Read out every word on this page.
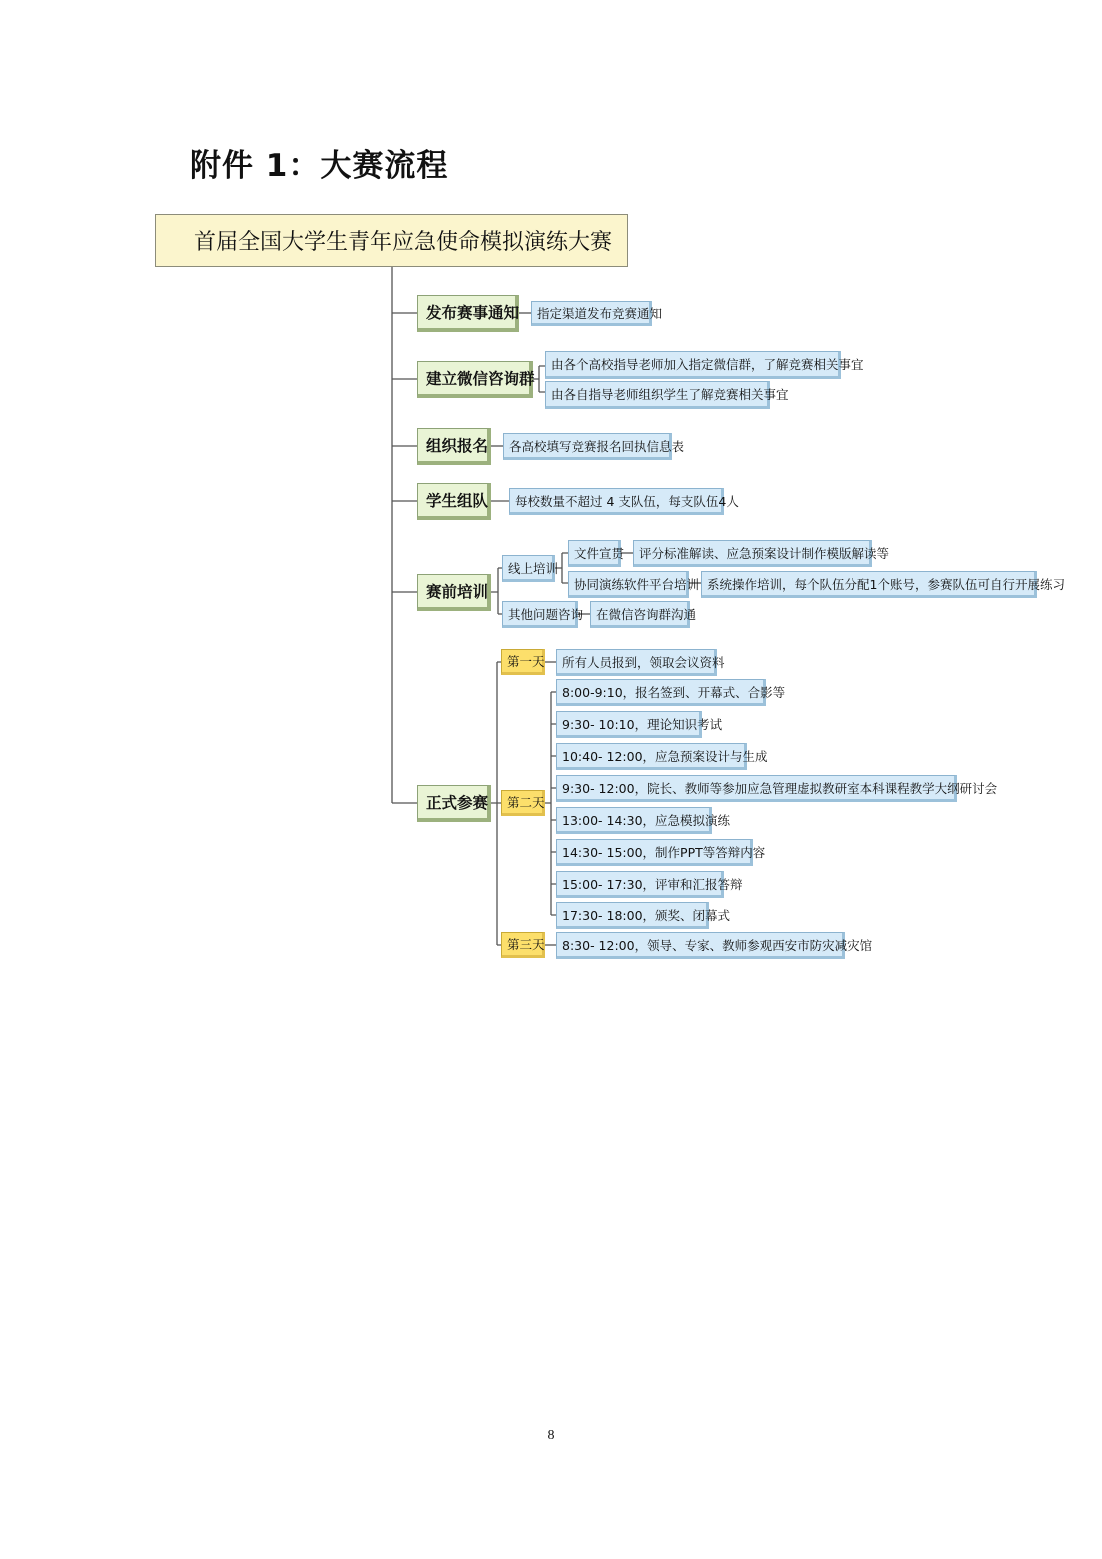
附件 1：大赛流程
首届全国大学生青年应急使命模拟演练大赛
发布赛事通知	指定渠道发布竞赛通知
建立微信咨询群
由各个高校指导老师加入指定微信群，了解竞赛相关事宜
由各自指导老师组织学生了解竞赛相关事宜
组织报名	各高校填写竞赛报名回执信息表
学生组队	每校数量不超过 4 支队伍，每支队伍4人
赛前培训
线上培训
文件宣贯	评分标准解读、应急预案设计制作模版解读等
协同演练软件平台培训 系统操作培训，每个队伍分配1个账号，参赛队伍可自行开展练习
其他问题咨询	在微信咨询群沟通
正式参赛
第一天	所有人员报到，领取会议资料
第二天
8:00-9:10，报名签到、开幕式、合影等
9:30- 10:10，理论知识考试
10:40- 12:00，应急预案设计与生成
9:30- 12:00，院长、教师等参加应急管理虚拟教研室本科课程教学大纲研讨会
13:00- 14:30，应急模拟演练
14:30- 15:00，制作PPT等答辩内容
15:00- 17:30，评审和汇报答辩
17:30- 18:00，颁奖、闭幕式
第三天	8:30- 12:00，领导、专家、教师参观西安市防灾减灾馆
8
